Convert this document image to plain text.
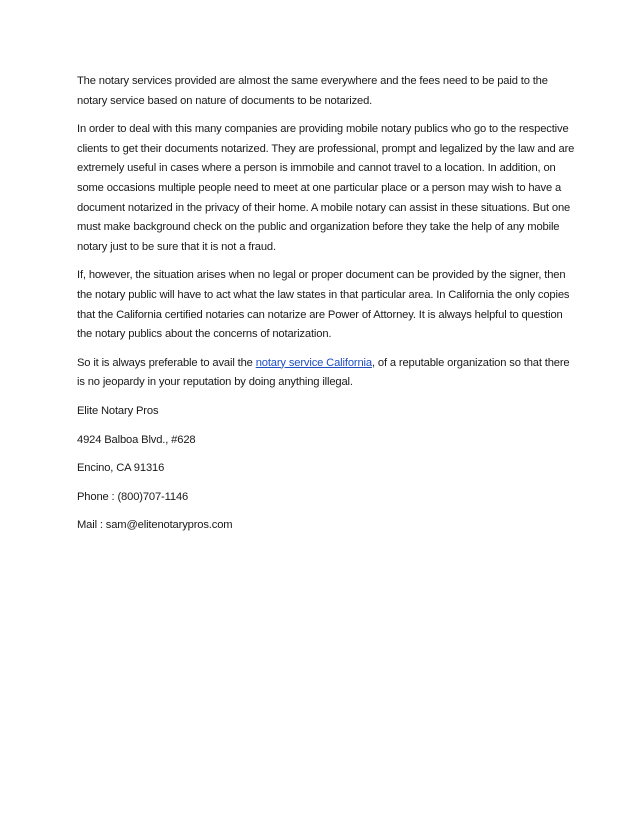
The notary services provided are almost the same everywhere and the fees need to be paid to the
notary service based on nature of documents to be notarized.

In order to deal with this many companies are providing mobile notary publics who go to the respective
clients to get their documents notarized. They are professional, prompt and legalized by the law and are
extremely useful in cases where a person is immobile and cannot travel to a location. In addition, on
some occasions multiple people need to meet at one particular place or a person may wish to have a
document notarized in the privacy of their home. A mobile notary can assist in these situations. But one
must make background check on the public and organization before they take the help of any mobile
notary just to be sure that it is not a fraud.

If, however, the situation arises when no legal or proper document can be provided by the signer, then
the notary public will have to act what the law states in that particular area. In California the only copies
that the California certified notaries can notarize are Power of Attorney. It is always helpful to question
the notary publics about the concerns of notarization.

So it is always preferable to avail the notary service California, of a reputable organization so that there
is no jeopardy in your reputation by doing anything illegal.

Elite Notary Pros
4924 Balboa Blvd., #628
Encino, CA 91316
Phone : (800)707-1146
Mail : sam@elitenotarypros.com
